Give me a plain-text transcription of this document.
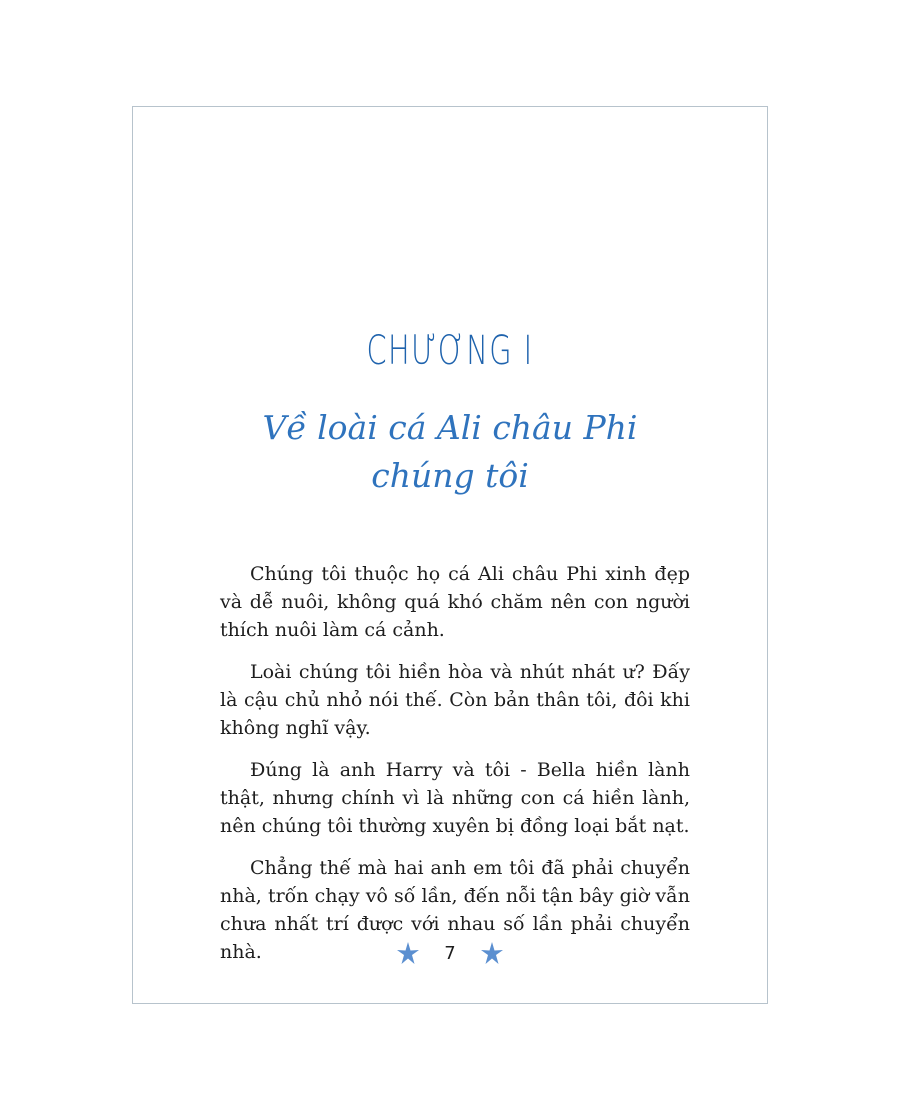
CHƯƠNG I
Về loài cá Ali châu Phi
chúng tôi

Chúng tôi thuộc họ cá Ali châu Phi xinh đẹp và dễ nuôi, không quá khó chăm nên con người thích nuôi làm cá cảnh.

Loài chúng tôi hiền hòa và nhút nhát ư? Đấy là cậu chủ nhỏ nói thế. Còn bản thân tôi, đôi khi không nghĩ vậy.

Đúng là anh Harry và tôi - Bella hiền lành thật, nhưng chính vì là những con cá hiền lành, nên chúng tôi thường xuyên bị đồng loại bắt nạt.

Chẳng thế mà hai anh em tôi đã phải chuyển nhà, trốn chạy vô số lần, đến nỗi tận bây giờ vẫn chưa nhất trí được với nhau số lần phải chuyển nhà.	7
